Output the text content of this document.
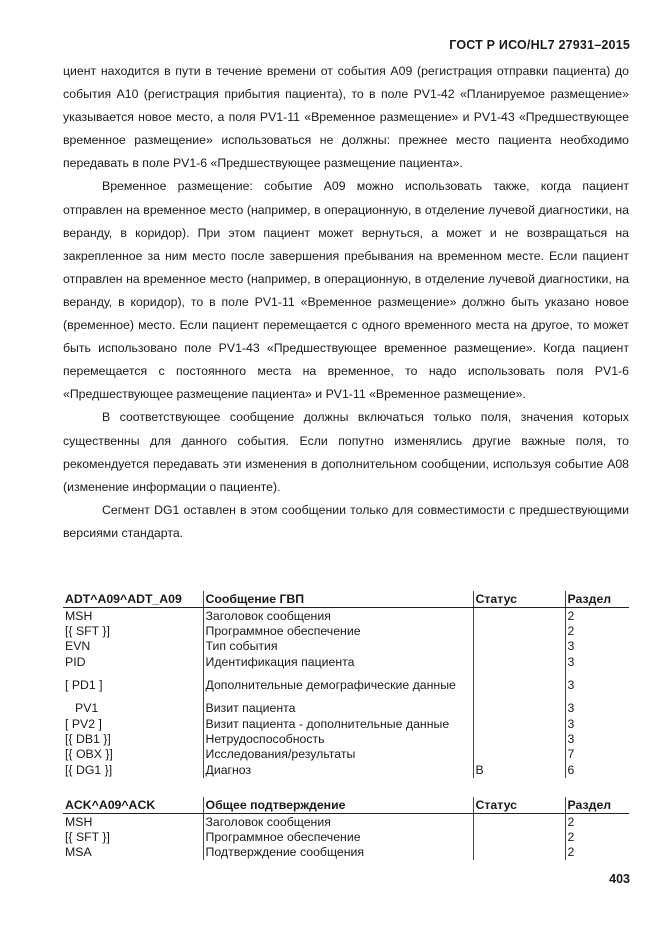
ГОСТ Р ИСО/HL7 27931–2015

циент находится в пути в течение времени от события A09 (регистрация отправки пациента) до события A10 (регистрация прибытия пациента), то в поле PV1-42 «Планируемое размещение» указывается новое место, а поля PV1-11 «Временное размещение» и PV1-43 «Предшествующее временное размещение» использоваться не должны: прежнее место пациента необходимо передавать в поле PV1-6 «Предшествующее размещение пациента».

Временное размещение: событие A09 можно использовать также, когда пациент отправлен на временное место (например, в операционную, в отделение лучевой диагностики, на веранду, в коридор). При этом пациент может вернуться, а может и не возвращаться на закрепленное за ним место после завершения пребывания на временном месте. Если пациент отправлен на временное место (например, в операционную, в отделение лучевой диагностики, на веранду, в коридор), то в поле PV1-11 «Временное размещение» должно быть указано новое (временное) место. Если пациент перемещается с одного временного места на другое, то может быть использовано поле PV1-43 «Предшествующее временное размещение». Когда пациент перемещается с постоянного места на временное, то надо использовать поля PV1-6 «Предшествующее размещение пациента» и PV1-11 «Временное размещение».

В соответствующее сообщение должны включаться только поля, значения которых существенны для данного события. Если попутно изменялись другие важные поля, то рекомендуется передавать эти изменения в дополнительном сообщении, используя событие A08 (изменение информации о пациенте).

Сегмент DG1 оставлен в этом сообщении только для совместимости с предшествующими версиями стандарта.

ADT^A09^ADT_A09	Сообщение ГВП	Статус	Раздел
MSH	Заголовок сообщения		2
[{ SFT }]	Программное обеспечение		2
EVN	Тип события		3
PID	Идентификация пациента		3
[ PD1 ]	Дополнительные демографические данные		3
PV1	Визит пациента		3
[ PV2 ]	Визит пациента - дополнительные данные		3
[{ DB1 }]	Нетрудоспособность		3
[{ OBX }]	Исследования/результаты		7
[{ DG1 }]	Диагноз	B	6
ACK^A09^ACK	Общее подтверждение	Статус	Раздел
MSH	Заголовок сообщения		2
[{ SFT }]	Программное обеспечение		2
MSA	Подтверждение сообщения		2
403
